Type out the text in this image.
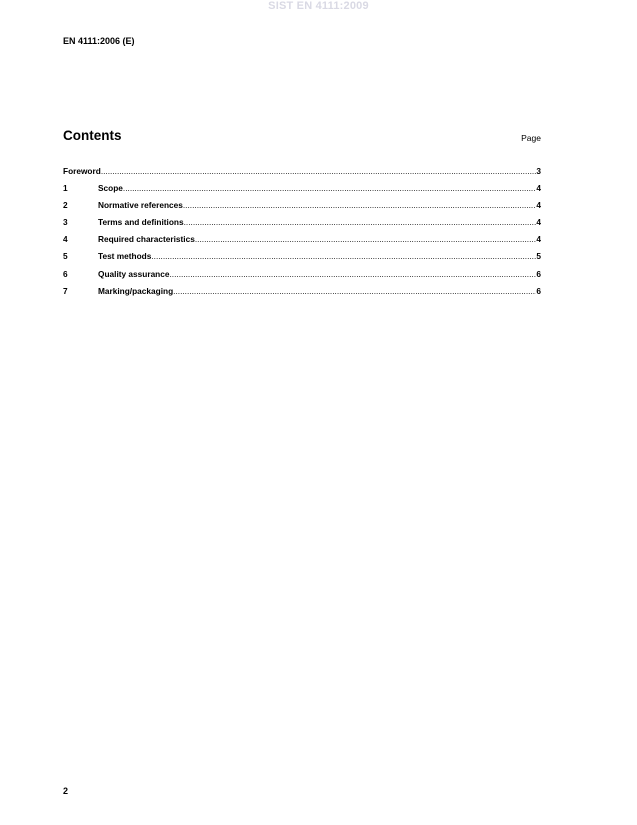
SIST EN 4111:2009
EN 4111:2006 (E)
Contents	Page
Foreword .....	3
1	Scope .....	4
2	Normative references .....	4
3	Terms and definitions .....	4
4	Required characteristics .....	4
5	Test methods .....	5
6	Quality assurance .....	6
7	Marking/packaging .....	6
2
